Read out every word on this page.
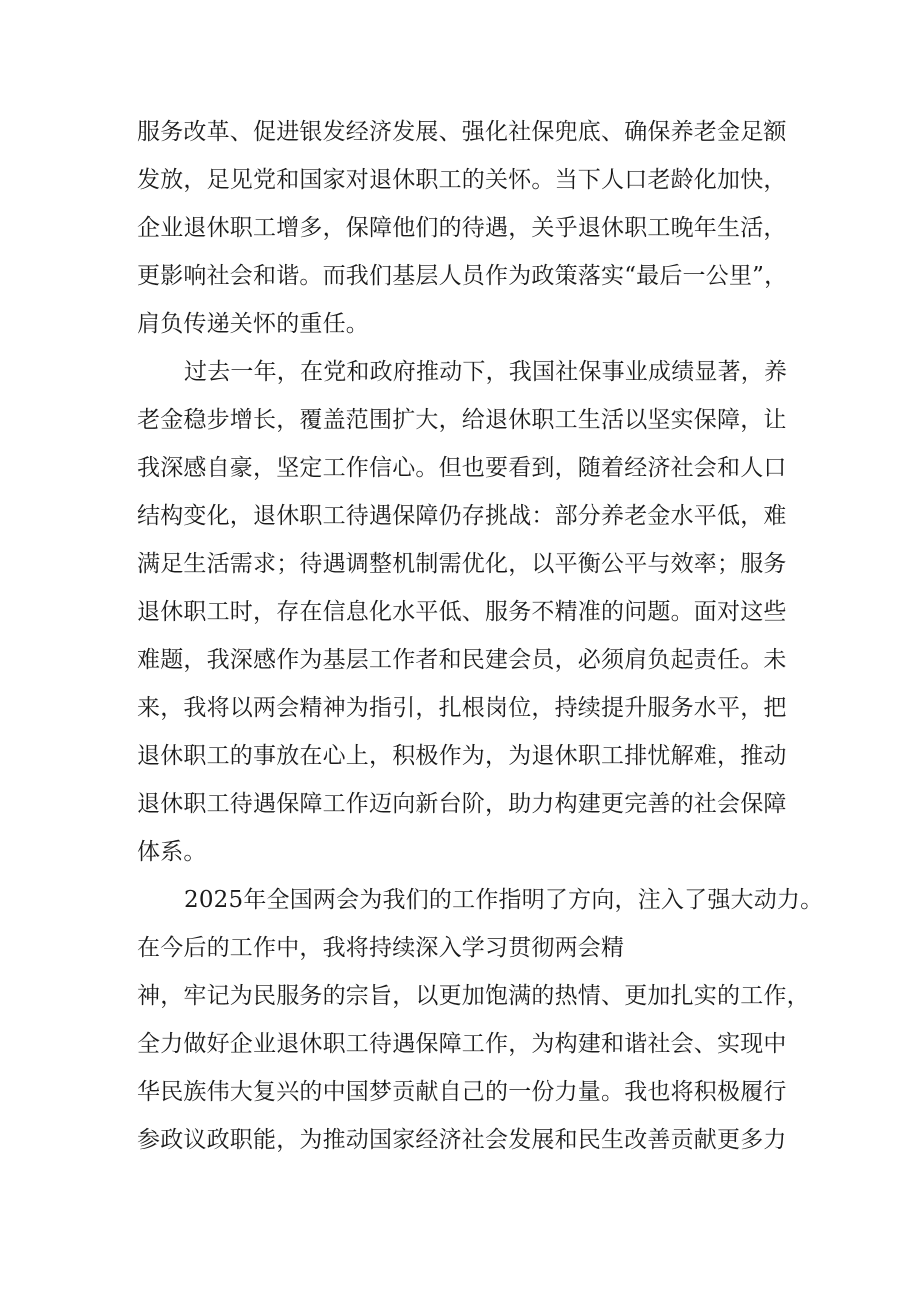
服务改革、促进银发经济发展、强化社保兜底、确保养老金足额
发放，足见党和国家对退休职工的关怀。当下人口老龄化加快，
企业退休职工增多，保障他们的待遇，关乎退休职工晚年生活，
更影响社会和谐。而我们基层人员作为政策落实“最后一公里”，
肩负传递关怀的重任。
过去一年，在党和政府推动下，我国社保事业成绩显著，养
老金稳步增长，覆盖范围扩大，给退休职工生活以坚实保障，让
我深感自豪，坚定工作信心。但也要看到，随着经济社会和人口
结构变化，退休职工待遇保障仍存挑战：部分养老金水平低，难
满足生活需求；待遇调整机制需优化，以平衡公平与效率；服务
退休职工时，存在信息化水平低、服务不精准的问题。面对这些
难题，我深感作为基层工作者和民建会员，必须肩负起责任。未
来，我将以两会精神为指引，扎根岗位，持续提升服务水平，把
退休职工的事放在心上，积极作为，为退休职工排忧解难，推动
退休职工待遇保障工作迈向新台阶，助力构建更完善的社会保障
体系。
2025年全国两会为我们的工作指明了方向，注入了强大动力。
在今后的工作中，我将持续深入学习贯彻两会精
神，牢记为民服务的宗旨，以更加饱满的热情、更加扎实的工作，
全力做好企业退休职工待遇保障工作，为构建和谐社会、实现中
华民族伟大复兴的中国梦贡献自己的一份力量。我也将积极履行
参政议政职能，为推动国家经济社会发展和民生改善贡献更多力
